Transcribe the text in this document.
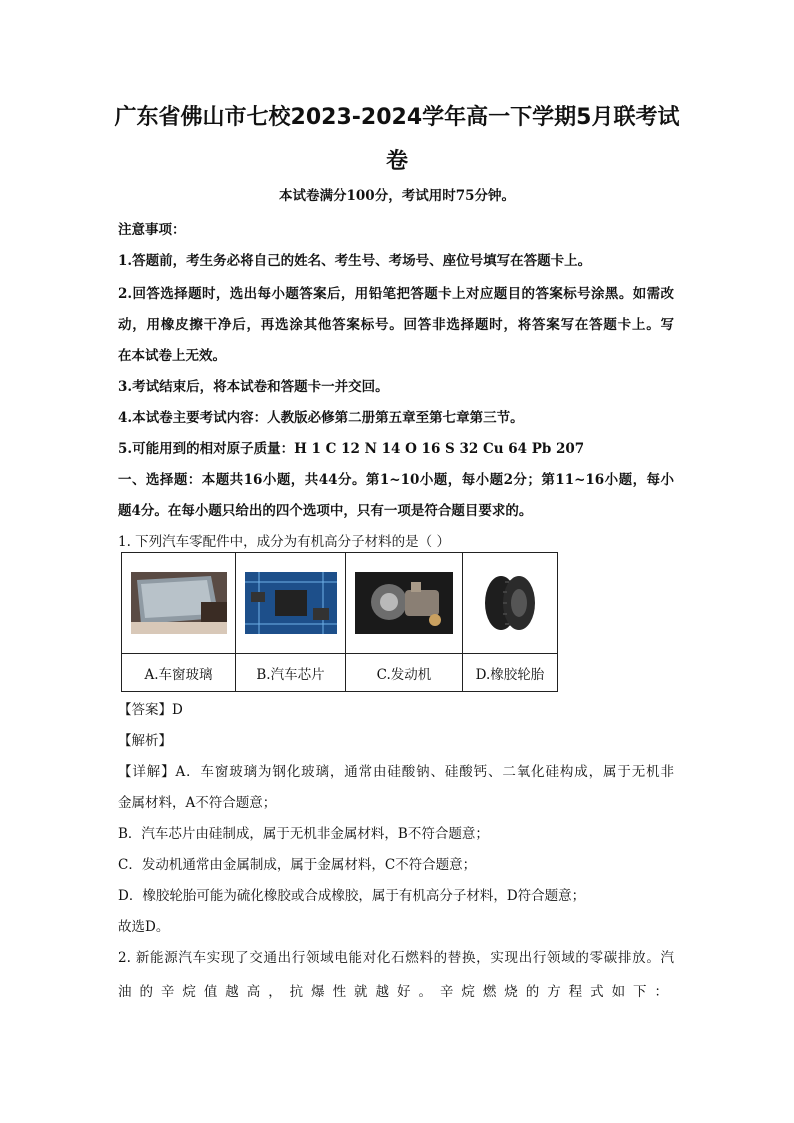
广东省佛山市七校2023-2024学年高一下学期5月联考试
卷
本试卷满分100分，考试用时75分钟。
注意事项：
1.答题前，考生务必将自己的姓名、考生号、考场号、座位号填写在答题卡上。
2.回答选择题时，选出每小题答案后，用铅笔把答题卡上对应题目的答案标号涂黑。如需改
动，用橡皮擦干净后，再选涂其他答案标号。回答非选择题时，将答案写在答题卡上。写
在本试卷上无效。
3.考试结束后，将本试卷和答题卡一并交回。
4.本试卷主要考试内容：人教版必修第二册第五章至第七章第三节。
5.可能用到的相对原子质量：H 1 C 12 N 14 O 16 S 32 Cu 64 Pb 207
一、选择题：本题共16小题，共44分。第1~10小题，每小题2分；第11~16小题，每小
题4分。在每小题只给出的四个选项中，只有一项是符合题目要求的。
1. 下列汽车零配件中，成分为有机高分子材料的是（ ）

A.车窗玻璃	B.汽车芯片	C.发动机	D.橡胶轮胎
【答案】D
【解析】
【详解】A．车窗玻璃为钢化玻璃，通常由硅酸钠、硅酸钙、二氧化硅构成，属于无机非
金属材料，A不符合题意；
B．汽车芯片由硅制成，属于无机非金属材料，B不符合题意；
C．发动机通常由金属制成，属于金属材料，C不符合题意；
D．橡胶轮胎可能为硫化橡胶或合成橡胶，属于有机高分子材料，D符合题意；
故选D。
2. 新能源汽车实现了交通出行领域电能对化石燃料的替换，实现出行领域的零碳排放。汽
油的辛烷值越高，抗爆性就越好。辛烷燃烧的方程式如下：
